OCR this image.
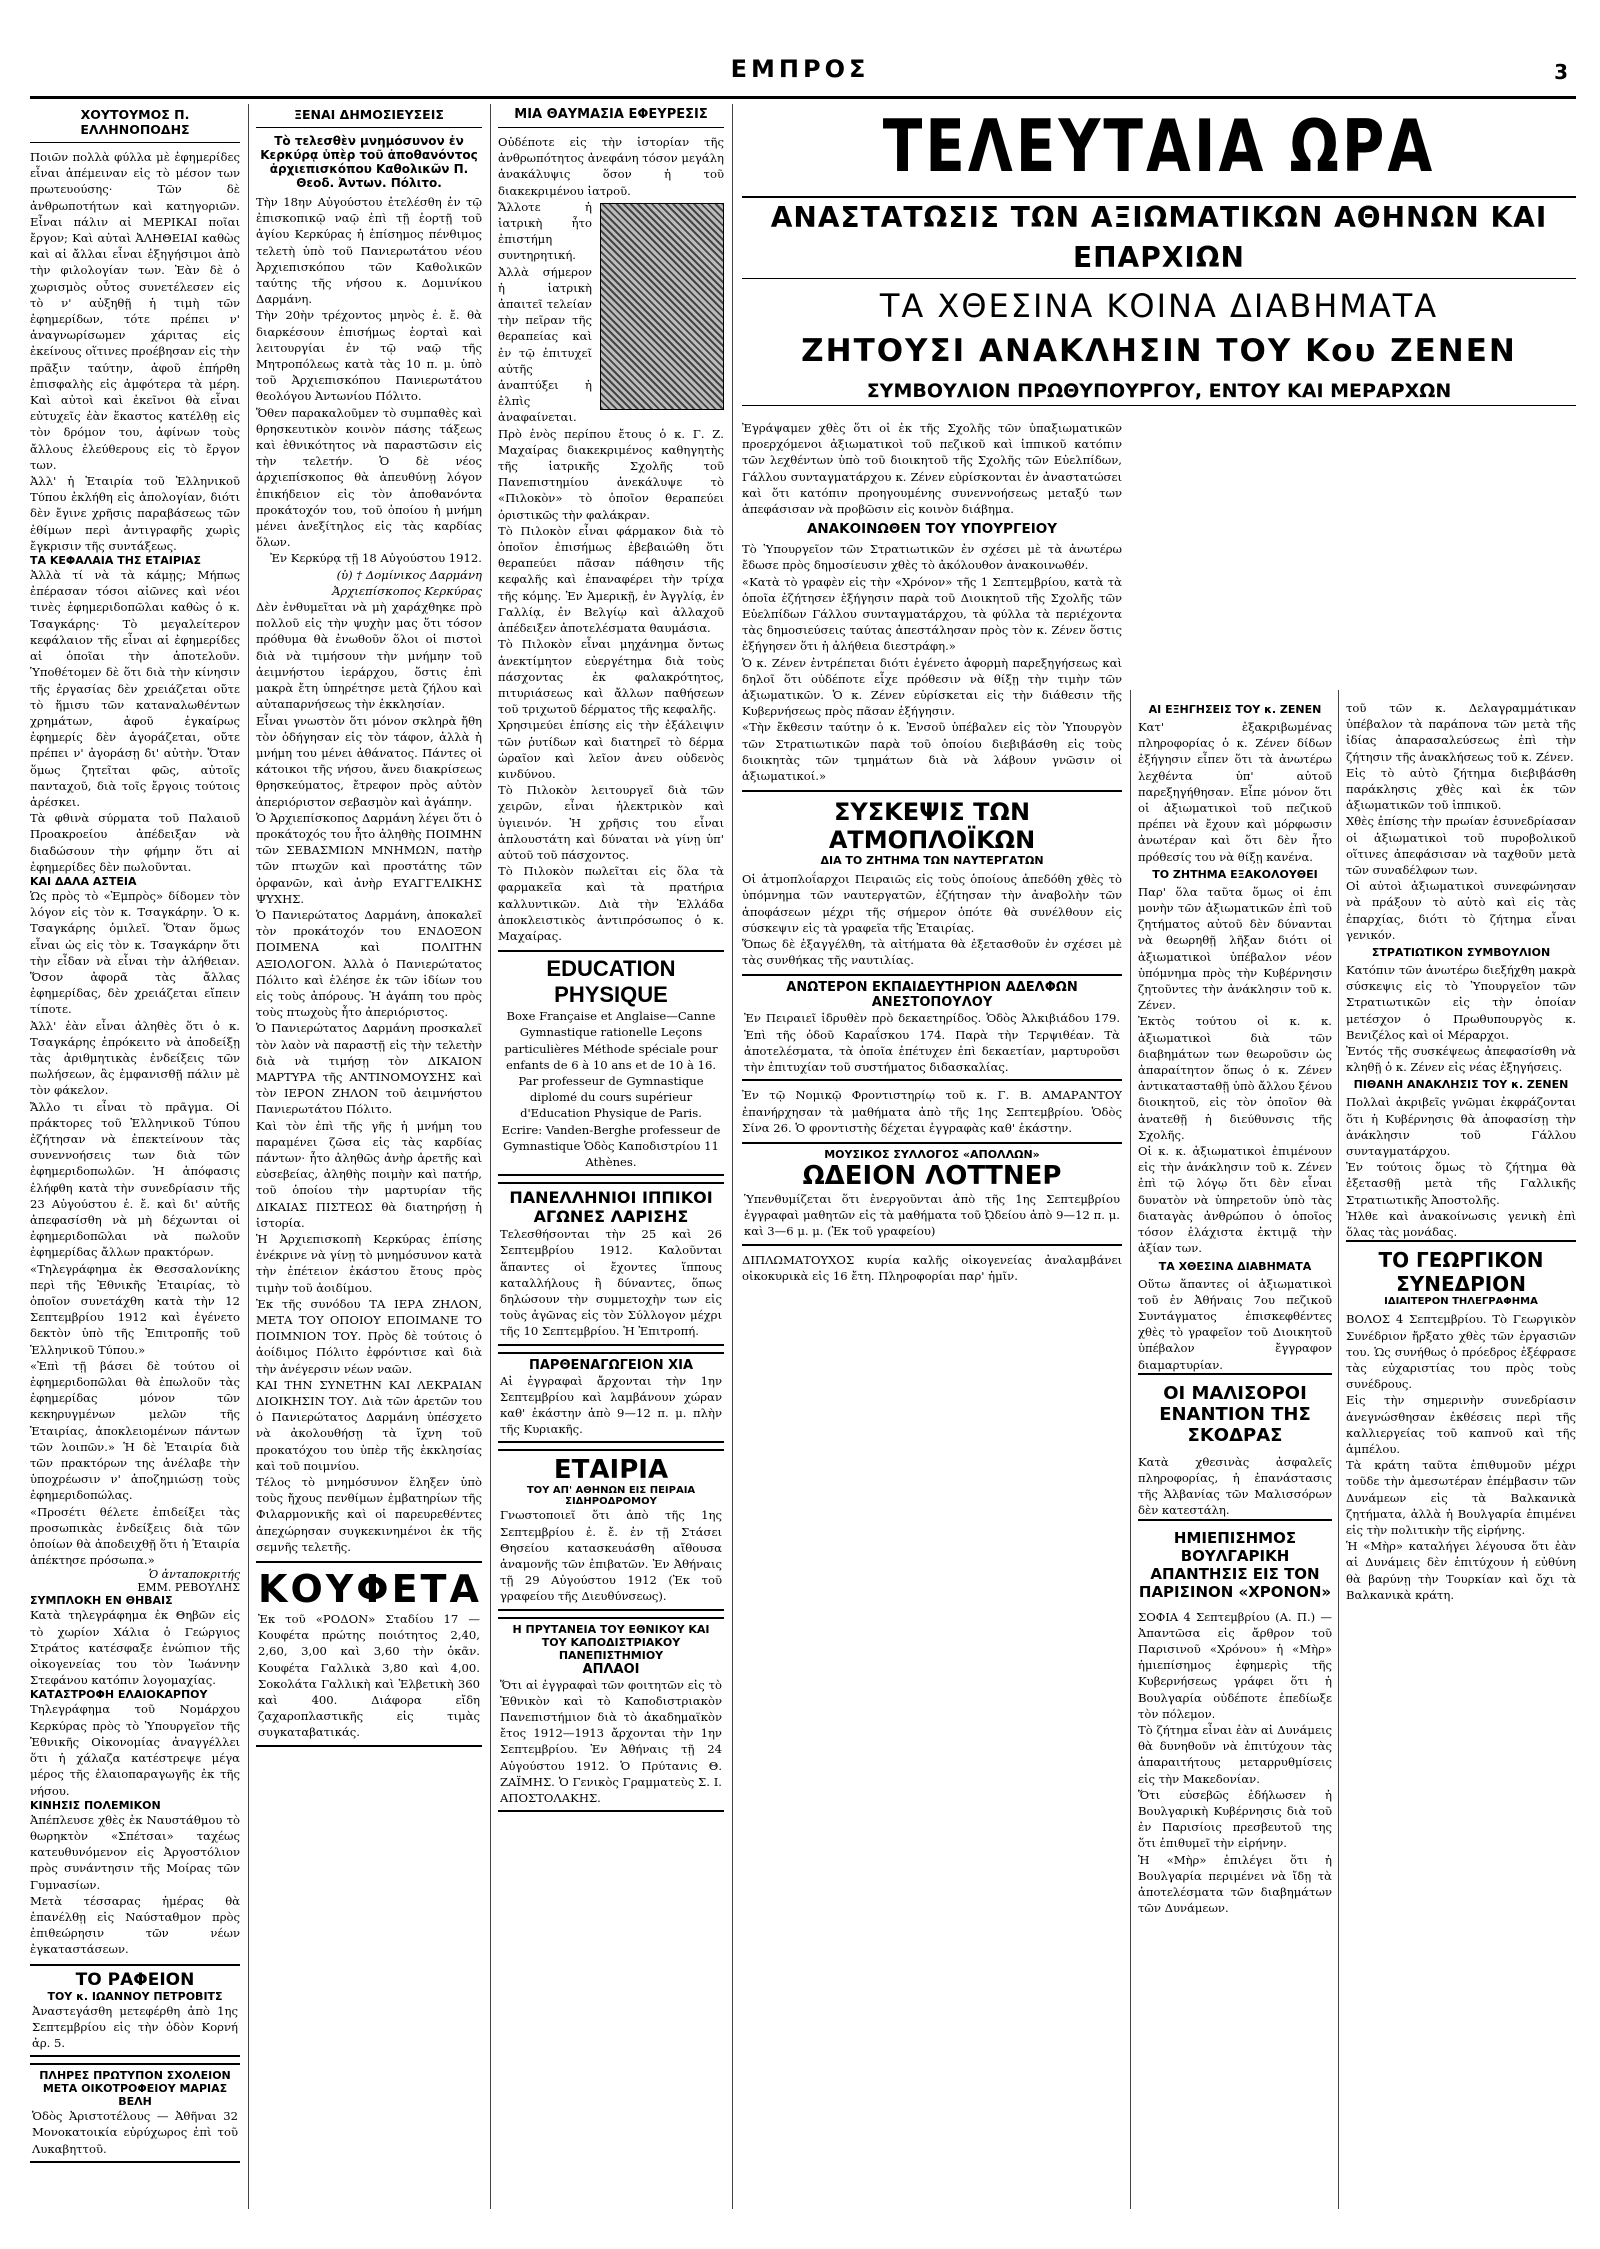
ΕΜΠΡΟΣ	3
ΧΟΥΤΟΥΜΟΣ Π. ΕΛΛΗΝΟΠΟΔΗΣ

Ποιῶν πολλὰ φύλλα μὲ ἐφημερίδες εἶναι ἀπέμειναν εἰς τὸ μέσον των πρωτευούσης· Τῶν δὲ ἀνθρωποτήτων καὶ κατηγοριῶν. Εἶναι πάλιν αἱ ΜΕΡΙΚΑΙ ποῖαι ἔργον; Καὶ αὐταὶ ἈΛΗΘΕΙΑΙ καθὼς καὶ αἱ ἄλλαι εἶναι ἐξηγήσιμοι ἀπὸ τὴν φιλολογίαν των. Ἐὰν δὲ ὁ χωρισμὸς οὗτος συνετέλεσεν εἰς τὸ ν' αὐξηθῇ ἡ τιμὴ τῶν ἐφημερίδων, τότε πρέπει ν' ἀναγνωρίσωμεν χάριτας εἰς ἐκείνους οἵτινες προέβησαν εἰς τὴν πρᾶξιν ταύτην, ἀφοῦ ἐπήρθη ἐπισφαλὴς εἰς ἀμφότερα τὰ μέρη. Καὶ αὐτοὶ καὶ ἐκεῖνοι θὰ εἶναι εὐτυχεῖς ἐὰν ἕκαστος κατέλθῃ εἰς τὸν δρόμον του, ἀφίνων τοὺς ἄλλους ἐλεύθερους εἰς τὸ ἔργον των.

Ἀλλ' ἡ Ἑταιρία τοῦ Ἑλληνικοῦ Τύπου ἐκλήθη εἰς ἀπολογίαν, διότι δὲν ἔγινε χρῆσις παραβάσεως τῶν ἐθίμων περὶ ἀντιγραφῆς χωρὶς ἔγκρισιν τῆς συντάξεως.

ΤΑ ΚΕΦΑΛΑΙΑ ΤΗΣ ΕΤΑΙΡΙΑΣ

Ἀλλὰ τί νὰ τὰ κάμῃς; Μήπως ἐπέρασαν τόσοι αἰῶνες καὶ νέοι τινὲς ἐφημεριδοπῶλαι καθὼς ὁ κ. Τσαγκάρης· Τὸ μεγαλείτερον κεφάλαιον τῆς εἶναι αἱ ἐφημερίδες αἱ ὁποῖαι τὴν ἀποτελοῦν. Ὑποθέτομεν δὲ ὅτι διὰ τὴν κίνησιν τῆς ἐργασίας δὲν χρειάζεται οὔτε τὸ ἥμισυ τῶν καταναλωθέντων χρημάτων, ἀφοῦ ἐγκαίρως ἐφημερίς δὲν ἀγοράζεται, οὔτε πρέπει ν' ἀγοράσῃ δι' αὐτὴν. Ὅταν ὅμως ζητεῖται φῶς, αὐτοῖς πανταχοῦ, διὰ τοῖς ἔργοις τούτοις ἀρέσκει.

Τὰ φθινὰ σύρματα τοῦ Παλαιοῦ Προακροείου ἀπέδειξαν νὰ διαδώσουν τὴν φήμην ὅτι αἱ ἐφημερίδες δὲν πωλοῦνται.

ΚΑΙ ΔΑΛΑ ΑΣΤΕΙΑ

Ὡς πρὸς τὸ «Ἐμπρὸς» δίδομεν τὸν λόγον εἰς τὸν κ. Τσαγκάρην. Ὁ κ. Τσαγκάρης ὁμιλεῖ. Ὅταν ὅμως εἶναι ὡς εἰς τὸν κ. Τσαγκάρην ὅτι τὴν εἶδαν νὰ εἶναι τὴν ἀλήθειαν. Ὅσον ἀφορᾶ τὰς ἄλλας ἐφημερίδας, δὲν χρειάζεται εἴπειν τίποτε.

Ἀλλ' ἐὰν εἶναι ἀληθὲς ὅτι ὁ κ. Τσαγκάρης ἐπρόκειτο νὰ ἀποδείξῃ τὰς ἀριθμητικὰς ἐνδείξεις τῶν πωλήσεων, ἂς ἐμφανισθῇ πάλιν μὲ τὸν φάκελον.

Ἄλλο τι εἶναι τὸ πρᾶγμα. Οἱ πράκτορες τοῦ Ἑλληνικοῦ Τύπου ἐζήτησαν νὰ ἐπεκτείνουν τὰς συνεννοήσεις των διὰ τῶν ἐφημεριδοπωλῶν. Ἡ ἀπόφασις ἐλήφθη κατὰ τὴν συνεδρίασιν τῆς 23 Αὐγούστου ἐ. ἔ. καὶ δι' αὐτῆς ἀπεφασίσθη νὰ μὴ δέχωνται οἱ ἐφημεριδοπῶλαι νὰ πωλοῦν ἐφημερίδας ἄλλων πρακτόρων.

«Τηλεγράφημα ἐκ Θεσσαλονίκης περὶ τῆς Ἐθνικῆς Ἐταιρίας, τὸ ὁποῖον συνετάχθη κατὰ τὴν 12 Σεπτεμβρίου 1912 καὶ ἐγένετο δεκτὸν ὑπὸ τῆς Ἐπιτροπῆς τοῦ Ἑλληνικοῦ Τύπου.»

«Ἐπὶ τῇ βάσει δὲ τούτου οἱ ἐφημεριδοπῶλαι θὰ ἐπωλοῦν τὰς ἐφημερίδας μόνον τῶν κεκηρυγμένων μελῶν τῆς Ἑταιρίας, ἀποκλειομένων πάντων τῶν λοιπῶν.» Ἡ δὲ Ἑταιρία διὰ τῶν πρακτόρων της ἀνέλαβε τὴν ὑποχρέωσιν ν' ἀποζημιώσῃ τοὺς ἐφημεριδοπώλας.

«Προσέτι θέλετε ἐπιδείξει τὰς προσωπικὰς ἐνδείξεις διὰ τῶν ὁποίων θὰ ἀποδειχθῇ ὅτι ἡ Ἑταιρία ἀπέκτησε πρόσωπα.»

Ὁ ἀνταποκριτής
ΕΜΜ. ΡΕΒΟΥΛΗΣ
ΣΥΜΠΛΟΚΗ ΕΝ ΘΗΒΑΙΣ

Κατὰ τηλεγράφημα ἐκ Θηβῶν εἰς τὸ χωρίον Χάλια ὁ Γεώργιος Στράτος κατέσφαξε ἐνώπιον τῆς οἰκογενείας του τὸν Ἰωάννην Στεφάνου κατόπιν λογομαχίας.

ΚΑΤΑΣΤΡΟΦΗ ΕΛΑΙΟΚΑΡΠΟΥ

Τηλεγράφημα τοῦ Νομάρχου Κερκύρας πρὸς τὸ Ὑπουργεῖον τῆς Ἐθνικῆς Οἰκονομίας ἀναγγέλλει ὅτι ἡ χάλαζα κατέστρεψε μέγα μέρος τῆς ἐλαιοπαραγωγῆς ἐκ τῆς νήσου.

ΚΙΝΗΣΙΣ ΠΟΛΕΜΙΚΟΝ

Ἀπέπλευσε χθὲς ἐκ Ναυστάθμου τὸ θωρηκτὸν «Σπέτσαι» ταχέως κατευθυνόμενον εἰς Ἀργοστόλιον πρὸς συνάντησιν τῆς Μοίρας τῶν Γυμνασίων.

Μετὰ τέσσαρας ἡμέρας θὰ ἐπανέλθῃ εἰς Ναύσταθμον πρὸς ἐπιθεώρησιν τῶν νέων ἐγκαταστάσεων.

ΤΟ ΡΑΦΕΙΟΝ
ΤΟΥ κ. ΙΩΑΝΝΟΥ ΠΕΤΡΟΒΙΤΣ

Ἀναστεγάσθη μετεφέρθη ἀπὸ 1ης Σεπτεμβρίου εἰς τὴν ὁδὸν Κορνή ἀρ. 5.

ΠΛΗΡΕΣ ΠΡΩΤΥΠΟΝ ΣΧΟΛΕΙΟΝ
ΜΕΤΑ ΟΙΚΟΤΡΟΦΕΙΟΥ ΜΑΡΙΑΣ ΒΕΛΗ

Ὁδὸς Ἀριστοτέλους — Ἀθῆναι 32 Μονοκατοικία εὐρύχωρος ἐπὶ τοῦ Λυκαβηττοῦ.

ΞΕΝΑΙ ΔΗΜΟΣΙΕΥΣΕΙΣ
Τὸ τελεσθὲν μνημόσυνον ἐν Κερκύρᾳ ὑπὲρ τοῦ ἀποθανόντος ἀρχιεπισκόπου Καθολικῶν Π. Θεοδ. Ἀντων. Πόλιτο.

Τὴν 18ην Αὐγούστου ἐτελέσθη ἐν τῷ ἐπισκοπικῷ ναῷ ἐπὶ τῇ ἑορτῇ τοῦ ἁγίου Κερκύρας ἡ ἐπίσημος πένθιμος τελετὴ ὑπὸ τοῦ Πανιερωτάτου νέου Ἀρχιεπισκόπου τῶν Καθολικῶν ταύτης τῆς νήσου κ. Δομινίκου Δαρμάνη.

Τὴν 20ὴν τρέχοντος μηνὸς ἐ. ἔ. θὰ διαρκέσουν ἐπισήμως ἑορταὶ καὶ λειτουργίαι ἐν τῷ ναῷ τῆς Μητροπόλεως κατὰ τὰς 10 π. μ. ὑπὸ τοῦ Ἀρχιεπισκόπου Πανιερωτάτου θεολόγου Ἀντωνίου Πόλιτο.

Ὅθεν παρακαλοῦμεν τὸ συμπαθὲς καὶ θρησκευτικὸν κοινὸν πάσης τάξεως καὶ ἐθνικότητος νὰ παραστῶσιν εἰς τὴν τελετήν. Ὁ δὲ νέος ἀρχιεπίσκοπος θὰ ἀπευθύνῃ λόγον ἐπικήδειον εἰς τὸν ἀποθανόντα προκάτοχόν του, τοῦ ὁποίου ἡ μνήμη μένει ἀνεξίτηλος εἰς τὰς καρδίας ὅλων.

Ἐν Κερκύρᾳ τῇ 18 Αὐγούστου 1912.

(ὑ) † Δομίνικος Δαρμάνη Ἀρχιεπίσκοπος Κερκύρας

Δὲν ἐνθυμεῖται νὰ μὴ χαράχθηκε πρὸ πολλοῦ εἰς τὴν ψυχὴν μας ὅτι τόσον πρόθυμα θὰ ἐνωθοῦν ὅλοι οἱ πιστοὶ διὰ νὰ τιμήσουν τὴν μνήμην τοῦ ἀειμνήστου ἱεράρχου, ὅστις ἐπὶ μακρὰ ἔτη ὑπηρέτησε μετὰ ζήλου καὶ αὐταπαρνήσεως τὴν ἐκκλησίαν.

Εἶναι γνωστὸν ὅτι μόνον σκληρὰ ἤθη τὸν ὁδήγησαν εἰς τὸν τάφον, ἀλλὰ ἡ μνήμη του μένει ἀθάνατος. Πάντες οἱ κάτοικοι τῆς νήσου, ἄνευ διακρίσεως θρησκεύματος, ἔτρεφον πρὸς αὐτὸν ἀπεριόριστον σεβασμὸν καὶ ἀγάπην.

Ὁ Ἀρχιεπίσκοπος Δαρμάνη λέγει ὅτι ὁ προκάτοχός του ἦτο ἀληθὴς ΠΟΙΜΗΝ τῶν ΣΕΒΑΣΜΙΩΝ ΜΝΗΜΩΝ, πατὴρ τῶν πτωχῶν καὶ προστάτης τῶν ὀρφανῶν, καὶ ἀνὴρ ΕΥΑΓΓΕΛΙΚΗΣ ΨΥΧΗΣ.

Ὁ Πανιερώτατος Δαρμάνη, ἀποκαλεῖ τὸν προκάτοχόν του ΕΝΔΟΞΟΝ ΠΟΙΜΕΝΑ καὶ ΠΟΛΙΤΗΝ ΑΞΙΟΛΟΓΟΝ. Ἀλλὰ ὁ Πανιερώτατος Πόλιτο καὶ ἐλέησε ἐκ τῶν ἰδίων του εἰς τοὺς ἀπόρους. Ἡ ἀγάπη του πρὸς τοὺς πτωχοὺς ἦτο ἀπεριόριστος.

Ὁ Πανιερώτατος Δαρμάνη προσκαλεῖ τὸν λαὸν νὰ παραστῇ εἰς τὴν τελετὴν διὰ νὰ τιμήσῃ τὸν ΔΙΚΑΙΟΝ ΜΑΡΤΥΡΑ τῆς ΑΝΤΙΝΟΜΟΥΣΗΣ καὶ τὸν ΙΕΡΟΝ ΖΗΛΟΝ τοῦ ἀειμνήστου Πανιερωτάτου Πόλιτο.

Καὶ τὸν ἐπὶ τῆς γῆς ἡ μνήμη του παραμένει ζῶσα εἰς τὰς καρδίας πάντων· ἦτο ἀληθῶς ἀνὴρ ἀρετῆς καὶ εὐσεβείας, ἀληθὴς ποιμὴν καὶ πατήρ, τοῦ ὁποίου τὴν μαρτυρίαν τῆς ΔΙΚΑΙΑΣ ΠΙΣΤΕΩΣ θὰ διατηρήσῃ ἡ ἱστορία.

Ἡ Ἀρχιεπισκοπὴ Κερκύρας ἐπίσης ἐνέκρινε νὰ γίνῃ τὸ μνημόσυνον κατὰ τὴν ἐπέτειον ἑκάστου ἔτους πρὸς τιμὴν τοῦ ἀοιδίμου.

Ἐκ τῆς συνόδου ΤΑ ΙΕΡΑ ΖΗΛΟΝ, ΜΕΤΑ ΤΟΥ ΟΠΟΙΟΥ ΕΠΟΙΜΑΝΕ ΤΟ ΠΟΙΜΝΙΟΝ ΤΟΥ. Πρὸς δὲ τούτοις ὁ ἀοίδιμος Πόλιτο ἐφρόντισε καὶ διὰ τὴν ἀνέγερσιν νέων ναῶν.

ΚΑΙ ΤΗΝ ΣΥΝΕΤΗΝ ΚΑΙ ΛΕΚΡΑΙΑΝ ΔΙΟΙΚΗΣΙΝ ΤΟΥ. Διὰ τῶν ἀρετῶν του ὁ Πανιερώτατος Δαρμάνη ὑπέσχετο νὰ ἀκολουθήσῃ τὰ ἴχνη τοῦ προκατόχου του ὑπὲρ τῆς ἐκκλησίας καὶ τοῦ ποιμνίου.

Τέλος τὸ μνημόσυνον ἔληξεν ὑπὸ τοὺς ἤχους πενθίμων ἐμβατηρίων τῆς Φιλαρμονικῆς καὶ οἱ παρευρεθέντες ἀπεχώρησαν συγκεκινημένοι ἐκ τῆς σεμνῆς τελετῆς.

ΚΟΥΦΕΤΑ

Ἐκ τοῦ «ΡΟΔΟΝ» Σταδίου 17 — Κουφέτα πρώτης ποιότητος 2,40, 2,60, 3,00 καὶ 3,60 τὴν ὀκᾶν. Κουφέτα Γαλλικὰ 3,80 καὶ 4,00. Σοκολάτα Γαλλικὴ καὶ Ἑλβετικὴ 360 καὶ 400. Διάφορα εἴδη ζαχαροπλαστικῆς εἰς τιμὰς συγκαταβατικάς.

ΜΙΑ ΘΑΥΜΑΣΙΑ ΕΦΕΥΡΕΣΙΣ

Οὐδέποτε εἰς τὴν ἱστορίαν τῆς ἀνθρωπότητος ἀνεφάνη τόσον μεγάλη ἀνακάλυψις ὅσον ἡ τοῦ διακεκριμένου ἰατροῦ.

Ἄλλοτε ἡ ἰατρικὴ ἦτο ἐπιστήμη συντηρητική. Ἀλλὰ σήμερον ἡ ἰατρικὴ ἀπαιτεῖ τελείαν τὴν πεῖραν τῆς θεραπείας καὶ ἐν τῷ ἐπιτυχεῖ αὐτῆς ἀναπτύξει ἡ ἐλπὶς ἀναφαίνεται.

Πρὸ ἐνὸς περίπου ἔτους ὁ κ. Γ. Ζ. Μαχαίρας διακεκριμένος καθηγητὴς τῆς ἰατρικῆς Σχολῆς τοῦ Πανεπιστημίου ἀνεκάλυψε τὸ «Πιλοκὸν» τὸ ὁποῖον θεραπεύει ὁριστικῶς τὴν φαλάκραν.

Τὸ Πιλοκὸν εἶναι φάρμακον διὰ τὸ ὁποῖον ἐπισήμως ἐβεβαιώθη ὅτι θεραπεύει πᾶσαν πάθησιν τῆς κεφαλῆς καὶ ἐπαναφέρει τὴν τρίχα τῆς κόμης. Ἐν Ἀμερικῇ, ἐν Ἀγγλίᾳ, ἐν Γαλλίᾳ, ἐν Βελγίῳ καὶ ἀλλαχοῦ ἀπέδειξεν ἀποτελέσματα θαυμάσια.

Τὸ Πιλοκὸν εἶναι μηχάνημα ὄντως ἀνεκτίμητον εὐεργέτημα διὰ τοὺς πάσχοντας ἐκ φαλακρότητος, πιτυριάσεως καὶ ἄλλων παθήσεων τοῦ τριχωτοῦ δέρματος τῆς κεφαλῆς.

Χρησιμεύει ἐπίσης εἰς τὴν ἐξάλειψιν τῶν ῥυτίδων καὶ διατηρεῖ τὸ δέρμα ὡραῖον καὶ λεῖον ἀνευ οὐδενὸς κινδύνου.

Τὸ Πιλοκὸν λειτουργεῖ διὰ τῶν χειρῶν, εἶναι ἠλεκτρικὸν καὶ ὑγιεινόν. Ἡ χρῆσις του εἶναι ἀπλουστάτη καὶ δύναται νὰ γίνῃ ὑπ' αὐτοῦ τοῦ πάσχοντος.

Τὸ Πιλοκὸν πωλεῖται εἰς ὅλα τὰ φαρμακεῖα καὶ τὰ πρατήρια καλλυντικῶν. Διὰ τὴν Ἑλλάδα ἀποκλειστικὸς ἀντιπρόσωπος ὁ κ. Μαχαίρας.

EDUCATION PHYSIQUE

Boxe Française et Anglaise—Canne Gymnastique rationelle Leçons particulières Méthode spéciale pour enfants de 6 à 10 ans et de 10 à 16. Par professeur de Gymnastique diplomé du cours supérieur d'Education Physique de Paris. Ecrire: Vanden-Berghe professeur de Gymnastique Ὁδὸς Καποδιστρίου 11 Athènes.

ΠΑΝΕΛΛΗΝΙΟΙ ΙΠΠΙΚΟΙ ΑΓΩΝΕΣ ΛΑΡΙΣΗΣ

Τελεσθήσονται τὴν 25 καὶ 26 Σεπτεμβρίου 1912. Καλοῦνται ἅπαντες οἱ ἔχοντες ἵππους καταλλήλους ἢ δύναντες, ὅπως δηλώσουν τὴν συμμετοχὴν των εἰς τοὺς ἀγῶνας εἰς τὸν Σύλλογον μέχρι τῆς 10 Σεπτεμβρίου. Ἡ Ἐπιτροπή.

ΠΑΡΘΕΝΑΓΩΓΕΙΟΝ ΧΙΑ

Αἱ ἐγγραφαὶ ἄρχονται τὴν 1ην Σεπτεμβρίου καὶ λαμβάνουν χώραν καθ' ἑκάστην ἀπὸ 9—12 π. μ. πλὴν τῆς Κυριακῆς.

ΕΤΑΙΡΙΑ
ΤΟΥ ΑΠ' ΑΘΗΝΩΝ ΕΙΣ ΠΕΙΡΑΙΑ ΣΙΔΗΡΟΔΡΟΜΟΥ

Γνωστοποιεῖ ὅτι ἀπὸ τῆς 1ης Σεπτεμβρίου ἐ. ἔ. ἐν τῇ Στάσει Θησείου κατασκευάσθη αἴθουσα ἀναμονῆς τῶν ἐπιβατῶν. Ἐν Ἀθήναις τῇ 29 Αὐγούστου 1912 (Ἐκ τοῦ γραφείου τῆς Διευθύνσεως).

Η ΠΡΥΤΑΝΕΙΑ ΤΟΥ ΕΘΝΙΚΟΥ ΚΑΙ ΤΟΥ ΚΑΠΟΔΙΣΤΡΙΑΚΟΥ ΠΑΝΕΠΙΣΤΗΜΙΟΥ
ΑΠΛΑΟΙ

Ὅτι αἱ ἐγγραφαὶ τῶν φοιτητῶν εἰς τὸ Ἐθνικὸν καὶ τὸ Καποδιστριακὸν Πανεπιστήμιον διὰ τὸ ἀκαδημαϊκὸν ἔτος 1912—1913 ἄρχονται τὴν 1ην Σεπτεμβρίου. Ἐν Ἀθήναις τῇ 24 Αὐγούστου 1912. Ὁ Πρύτανις Θ. ΖΑΪΜΗΣ. Ὁ Γενικὸς Γραμματεὺς Σ. Ι. ΑΠΟΣΤΟΛΑΚΗΣ.

ΤΕΛΕΥΤΑΙΑ ΩΡΑ
ΑΝΑΣΤΑΤΩΣΙΣ ΤΩΝ ΑΞΙΩΜΑΤΙΚΩΝ ΑΘΗΝΩΝ ΚΑΙ ΕΠΑΡΧΙΩΝ
ΤΑ ΧΘΕΣΙΝΑ ΚΟΙΝΑ ΔΙΑΒΗΜΑΤΑ
ΖΗΤΟΥΣΙ ΑΝΑΚΛΗΣΙΝ ΤΟΥ Κου ΖΕΝΕΝ
ΣΥΜΒΟΥΛΙΟΝ ΠΡΩΘΥΠΟΥΡΓΟΥ, ΕΝΤΟΥ ΚΑΙ ΜΕΡΑΡΧΩΝ

Ἐγράψαμεν χθὲς ὅτι οἱ ἐκ τῆς Σχολῆς τῶν ὑπαξιωματικῶν προερχόμενοι ἀξιωματικοὶ τοῦ πεζικοῦ καὶ ἱππικοῦ κατόπιν τῶν λεχθέντων ὑπὸ τοῦ διοικητοῦ τῆς Σχολῆς τῶν Εὐελπίδων, Γάλλου συνταγματάρχου κ. Ζένεν εὑρίσκονται ἐν ἀναστατώσει καὶ ὅτι κατόπιν προηγουμένης συνεννοήσεως μεταξύ των ἀπεφάσισαν νὰ προβῶσιν εἰς κοινὸν διάβημα.

ΑΝΑΚΟΙΝΩΘΕΝ ΤΟΥ ΥΠΟΥΡΓΕΙΟΥ

Τὸ Ὑπουργεῖον τῶν Στρατιωτικῶν ἐν σχέσει μὲ τὰ ἀνωτέρω ἔδωσε πρὸς δημοσίευσιν χθὲς τὸ ἀκόλουθον ἀνακοινωθέν.

«Κατὰ τὸ γραφὲν εἰς τὴν «Χρόνον» τῆς 1 Σεπτεμβρίου, κατὰ τὰ ὁποῖα ἐζήτησεν ἐξήγησιν παρὰ τοῦ Διοικητοῦ τῆς Σχολῆς τῶν Εὐελπίδων Γάλλου συνταγματάρχου, τὰ φύλλα τὰ περιέχοντα τὰς δημοσιεύσεις ταύτας ἀπεστάλησαν πρὸς τὸν κ. Ζένεν ὅστις ἐξήγησεν ὅτι ἡ ἀλήθεια διεστράφη.»

Ὁ κ. Ζένεν ἐντρέπεται διότι ἐγένετο ἀφορμὴ παρεξηγήσεως καὶ δηλοῖ ὅτι οὐδέποτε εἶχε πρόθεσιν νὰ θίξῃ τὴν τιμὴν τῶν ἀξιωματικῶν. Ὁ κ. Ζένεν εὑρίσκεται εἰς τὴν διάθεσιν τῆς Κυβερνήσεως πρὸς πᾶσαν ἐξήγησιν.

«Τὴν ἔκθεσιν ταύτην ὁ κ. Ἐνσοῦ ὑπέβαλεν εἰς τὸν Ὑπουργὸν τῶν Στρατιωτικῶν παρὰ τοῦ ὁποίου διεβιβάσθη εἰς τοὺς διοικητὰς τῶν τμημάτων διὰ νὰ λάβουν γνῶσιν οἱ ἀξιωματικοί.»

ΣΥΣΚΕΨΙΣ ΤΩΝ ΑΤΜΟΠΛΟΪΚΩΝ
ΔΙΑ ΤΟ ΖΗΤΗΜΑ ΤΩΝ ΝΑΥΤΕΡΓΑΤΩΝ

Οἱ ἀτμοπλοΐαρχοι Πειραιῶς εἰς τοὺς ὁποίους ἀπεδόθη χθὲς τὸ ὑπόμνημα τῶν ναυτεργατῶν, ἐζήτησαν τὴν ἀναβολὴν τῶν ἀποφάσεων μέχρι τῆς σήμερον ὁπότε θὰ συνέλθουν εἰς σύσκεψιν εἰς τὰ γραφεῖα τῆς Ἑταιρίας.

Ὅπως δὲ ἐξαγγέλθη, τὰ αἰτήματα θὰ ἐξετασθοῦν ἐν σχέσει μὲ τὰς συνθήκας τῆς ναυτιλίας.

ΑΝΩΤΕΡΟΝ ΕΚΠΑΙΔΕΥΤΗΡΙΟΝ ΑΔΕΛΦΩΝ ΑΝΕΣΤΟΠΟΥΛΟΥ

Ἐν Πειραιεῖ ἱδρυθὲν πρὸ δεκαετηρίδος. Ὁδὸς Ἀλκιβιάδου 179. Ἐπὶ τῆς ὁδοῦ Καραΐσκου 174. Παρὰ τὴν Τερψιθέαν. Τὰ ἀποτελέσματα, τὰ ὁποῖα ἐπέτυχεν ἐπὶ δεκαετίαν, μαρτυροῦσι τὴν ἐπιτυχίαν τοῦ συστήματος διδασκαλίας.

Ἐν τῷ Νομικῷ Φροντιστηρίῳ τοῦ κ. Γ. Β. ΑΜΑΡΑΝΤΟΥ ἐπανήρχησαν τὰ μαθήματα ἀπὸ τῆς 1ης Σεπτεμβρίου. Ὁδὸς Σίνα 26. Ὁ φροντιστὴς δέχεται ἐγγραφὰς καθ' ἑκάστην.

ΜΟΥΣΙΚΟΣ ΣΥΛΛΟΓΟΣ «ΑΠΟΛΛΩΝ»
ΩΔΕΙΟΝ ΛΟΤΤΝΕΡ

Ὑπενθυμίζεται ὅτι ἐνεργοῦνται ἀπὸ τῆς 1ης Σεπτεμβρίου ἐγγραφαὶ μαθητῶν εἰς τὰ μαθήματα τοῦ ᾨδείου ἀπὸ 9—12 π. μ. καὶ 3—6 μ. μ. (Ἐκ τοῦ γραφείου)

ΔΙΠΛΩΜΑΤΟΥΧΟΣ κυρία καλῆς οἰκογενείας ἀναλαμβάνει οἰκοκυρικὰ εἰς 16 ἔτη. Πληροφορίαι παρ' ἡμῖν.

ΑΙ ΕΞΗΓΗΣΕΙΣ ΤΟΥ κ. ΖΕΝΕΝ

Κατ' ἐξακριβωμένας πληροφορίας ὁ κ. Ζένεν δίδων ἐξήγησιν εἶπεν ὅτι τὰ ἀνωτέρω λεχθέντα ὑπ' αὐτοῦ παρεξηγήθησαν. Εἶπε μόνον ὅτι οἱ ἀξιωματικοὶ τοῦ πεζικοῦ πρέπει νὰ ἔχουν καὶ μόρφωσιν ἀνωτέραν καὶ ὅτι δὲν ἦτο πρόθεσίς του νὰ θίξῃ κανένα.

ΤΟ ΖΗΤΗΜΑ ΕΞΑΚΟΛΟΥΘΕΙ

Παρ' ὅλα ταῦτα ὅμως οἱ ἐπι μονὴν τῶν ἀξιωματικῶν ἐπὶ τοῦ ζητήματος αὐτοῦ δὲν δύνανται νὰ θεωρηθῇ λῆξαν διότι οἱ ἀξιωματικοὶ ὑπέβαλον νέον ὑπόμνημα πρὸς τὴν Κυβέρνησιν ζητοῦντες τὴν ἀνάκλησιν τοῦ κ. Ζένεν.

Ἐκτὸς τούτου οἱ κ. κ. ἀξιωματικοὶ διὰ τῶν διαβημάτων των θεωροῦσιν ὡς ἀπαραίτητον ὅπως ὁ κ. Ζένεν ἀντικατασταθῇ ὑπὸ ἄλλου ξένου διοικητοῦ, εἰς τὸν ὁποῖον θὰ ἀνατεθῇ ἡ διεύθυνσις τῆς Σχολῆς.

Οἱ κ. κ. ἀξιωματικοὶ ἐπιμένουν εἰς τὴν ἀνάκλησιν τοῦ κ. Ζένεν ἐπὶ τῷ λόγῳ ὅτι δὲν εἶναι δυνατὸν νὰ ὑπηρετοῦν ὑπὸ τὰς διαταγὰς ἀνθρώπου ὁ ὁποῖος τόσον ἐλάχιστα ἐκτιμᾷ τὴν ἀξίαν των.

ΤΑ ΧΘΕΣΙΝΑ ΔΙΑΒΗΜΑΤΑ

Οὕτω ἅπαντες οἱ ἀξιωματικοὶ τοῦ ἐν Ἀθήναις 7ου πεζικοῦ Συντάγματος ἐπισκεφθέντες χθὲς τὸ γραφεῖον τοῦ Διοικητοῦ ὑπέβαλον ἔγγραφον διαμαρτυρίαν.

ΟΙ ΜΑΛΙΣΟΡΟΙ ΕΝΑΝΤΙΟΝ ΤΗΣ ΣΚΟΔΡΑΣ

Κατὰ χθεσινὰς ἀσφαλεῖς πληροφορίας, ἡ ἐπανάστασις τῆς Ἀλβανίας τῶν Μαλισσόρων δὲν κατεστάλη.

ΗΜΙΕΠΙΣΗΜΟΣ ΒΟΥΛΓΑΡΙΚΗ ΑΠΑΝΤΗΣΙΣ ΕΙΣ ΤΟΝ ΠΑΡΙΣΙΝΟΝ «ΧΡΟΝΟΝ»

ΣΟΦΙΑ 4 Σεπτεμβρίου (Α. Π.) — Ἀπαντῶσα εἰς ἄρθρον τοῦ Παρισινοῦ «Χρόνου» ἡ «Μὴρ» ἡμιεπίσημος ἐφημερὶς τῆς Κυβερνήσεως γράφει ὅτι ἡ Βουλγαρία οὐδέποτε ἐπεδίωξε τὸν πόλεμον.

Τὸ ζήτημα εἶναι ἐὰν αἱ Δυνάμεις θὰ δυνηθοῦν νὰ ἐπιτύχουν τὰς ἀπαραιτήτους μεταρρυθμίσεις εἰς τὴν Μακεδονίαν.

Ὅτι εὐσεβῶς ἐδήλωσεν ἡ Βουλγαρικὴ Κυβέρνησις διὰ τοῦ ἐν Παρισίοις πρεσβευτοῦ της ὅτι ἐπιθυμεῖ τὴν εἰρήνην.

Ἡ «Μὴρ» ἐπιλέγει ὅτι ἡ Βουλγαρία περιμένει νὰ ἴδῃ τὰ ἀποτελέσματα τῶν διαβημάτων τῶν Δυνάμεων.

τοῦ τῶν κ. Δελαγραμμάτικαν ὑπέβαλον τὰ παράπονα τῶν μετὰ τῆς ἰδίας ἀπαρασαλεύσεως ἐπὶ τὴν ζήτησιν τῆς ἀνακλήσεως τοῦ κ. Ζένεν.

Εἰς τὸ αὐτὸ ζήτημα διεβιβάσθη παράκλησις χθὲς καὶ ἐκ τῶν ἀξιωματικῶν τοῦ ἱππικοῦ.

Χθὲς ἐπίσης τὴν πρωίαν ἐσυνεδρίασαν οἱ ἀξιωματικοὶ τοῦ πυροβολικοῦ οἵτινες ἀπεφάσισαν νὰ ταχθοῦν μετὰ τῶν συναδέλφων των.

Οἱ αὐτοὶ ἀξιωματικοὶ συνεφώνησαν νὰ πράξουν τὸ αὐτὸ καὶ εἰς τὰς ἐπαρχίας, διότι τὸ ζήτημα εἶναι γενικόν.

ΣΤΡΑΤΙΩΤΙΚΟΝ ΣΥΜΒΟΥΛΙΟΝ

Κατόπιν τῶν ἀνωτέρω διεξήχθη μακρὰ σύσκεψις εἰς τὸ Ὑπουργεῖον τῶν Στρατιωτικῶν εἰς τὴν ὁποίαν μετέσχον ὁ Πρωθυπουργὸς κ. Βενιζέλος καὶ οἱ Μέραρχοι.

Ἐντός τῆς συσκέψεως ἀπεφασίσθη νὰ κληθῇ ὁ κ. Ζένεν εἰς νέας ἐξηγήσεις.

ΠΙΘΑΝΗ ΑΝΑΚΛΗΣΙΣ ΤΟΥ κ. ΖΕΝΕΝ

Πολλαὶ ἀκριβεῖς γνῶμαι ἐκφράζονται ὅτι ἡ Κυβέρνησις θὰ ἀποφασίσῃ τὴν ἀνάκλησιν τοῦ Γάλλου συνταγματάρχου.

Ἐν τούτοις ὅμως τὸ ζήτημα θὰ ἐξετασθῇ μετὰ τῆς Γαλλικῆς Στρατιωτικῆς Ἀποστολῆς.

Ἠλθε καὶ ἀνακοίνωσις γενικὴ ἐπὶ ὅλας τὰς μονάδας.

ΤΟ ΓΕΩΡΓΙΚΟΝ ΣΥΝΕΔΡΙΟΝ
ΙΔΙΑΙΤΕΡΟΝ ΤΗΛΕΓΡΑΦΗΜΑ

ΒΟΛΟΣ 4 Σεπτεμβρίου. Τὸ Γεωργικὸν Συνέδριον ἤρξατο χθὲς τῶν ἐργασιῶν του. Ὡς συνήθως ὁ πρόεδρος ἐξέφρασε τὰς εὐχαριστίας του πρὸς τοὺς συνέδρους.

Εἰς τὴν σημερινὴν συνεδρίασιν ἀνεγνώσθησαν ἐκθέσεις περὶ τῆς καλλιεργείας τοῦ καπνοῦ καὶ τῆς ἀμπέλου.

Τὰ κράτη ταῦτα ἐπιθυμοῦν μέχρι τοῦδε τὴν ἀμεσωτέραν ἐπέμβασιν τῶν Δυνάμεων εἰς τὰ Βαλκανικὰ ζητήματα, ἀλλὰ ἡ Βουλγαρία ἐπιμένει εἰς τὴν πολιτικὴν τῆς εἰρήνης.

Ἡ «Μὴρ» καταλήγει λέγουσα ὅτι ἐὰν αἱ Δυνάμεις δὲν ἐπιτύχουν ἡ εὐθύνη θὰ βαρύνῃ τὴν Τουρκίαν καὶ ὄχι τὰ Βαλκανικὰ κράτη.
